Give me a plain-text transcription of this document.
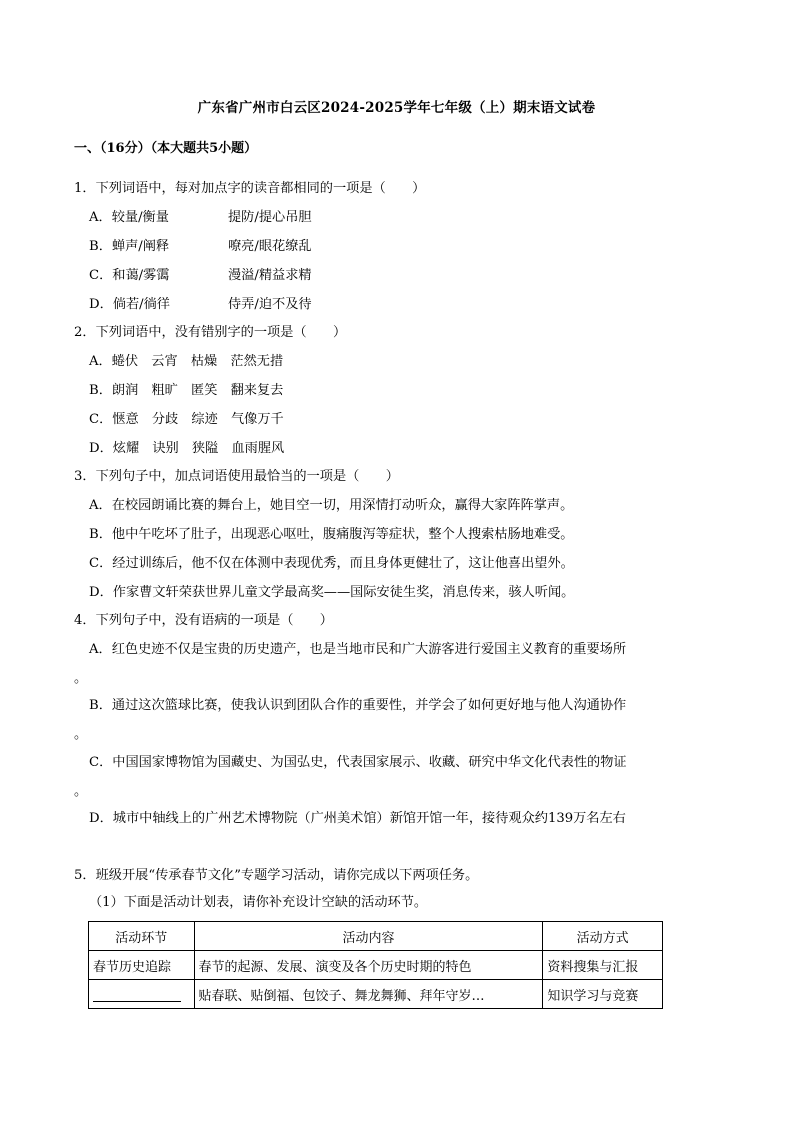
广东省广州市白云区2024-2025学年七年级（上）期末语文试卷
一、（16分）（本大题共5小题）
1．下列词语中，每对加点字的读音都相同的一项是（　　）
A．较量/衡量	提防/提心吊胆
B．蝉声/阐释	嘹亮/眼花缭乱
C．和蔼/雾霭	漫溢/精益求精
D．倘若/徜徉	侍弄/迫不及待
2．下列词语中，没有错别字的一项是（　　）
A．蜷伏　云宵　枯燥　茫然无措
B．朗润　粗旷　匿笑　翻来复去
C．惬意　分歧　综迹　气像万千
D．炫耀　诀别　狭隘　血雨腥风
3．下列句子中，加点词语使用最恰当的一项是（　　）
A．在校园朗诵比赛的舞台上，她目空一切，用深情打动听众，赢得大家阵阵掌声。
B．他中午吃坏了肚子，出现恶心呕吐，腹痛腹泻等症状，整个人搜索枯肠地难受。
C．经过训练后，他不仅在体测中表现优秀，而且身体更健壮了，这让他喜出望外。
D．作家曹文轩荣获世界儿童文学最高奖——国际安徒生奖，消息传来，骇人听闻。
4．下列句子中，没有语病的一项是（　　）
A．红色史迹不仅是宝贵的历史遗产，也是当地市民和广大游客进行爱国主义教育的重要场所
。
B．通过这次篮球比赛，使我认识到团队合作的重要性，并学会了如何更好地与他人沟通协作
。
C．中国国家博物馆为国藏史、为国弘史，代表国家展示、收藏、研究中华文化代表性的物证
。
D．城市中轴线上的广州艺术博物院（广州美术馆）新馆开馆一年，接待观众约139万名左右
5．班级开展“传承春节文化”专题学习活动，请你完成以下两项任务。
（1）下面是活动计划表，请你补充设计空缺的活动环节。
活动环节	活动内容	活动方式
春节历史追踪	春节的起源、发展、演变及各个历史时期的特色	资料搜集与汇报
	贴春联、贴倒福、包饺子、舞龙舞狮、拜年守岁…	知识学习与竞赛
